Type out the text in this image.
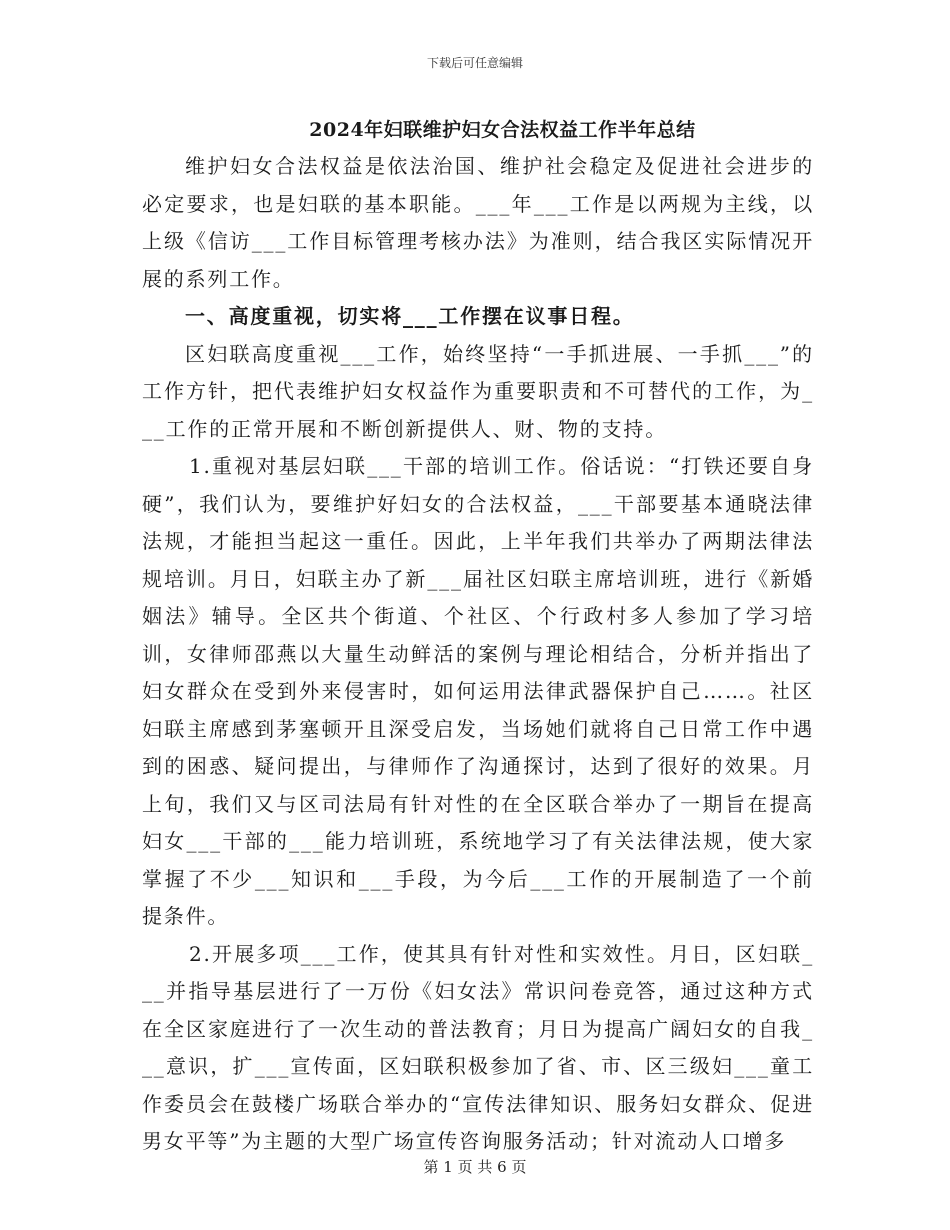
下载后可任意编辑
2024年妇联维护妇女合法权益工作半年总结

维护妇女合法权益是依法治国、维护社会稳定及促进社会进步的必定要求，也是妇联的基本职能。___年___工作是以两规为主线，以上级《信访___工作目标管理考核办法》为准则，结合我区实际情况开展的系列工作。

一、高度重视，切实将___工作摆在议事日程。

区妇联高度重视___工作，始终坚持“一手抓进展、一手抓___”的工作方针，把代表维护妇女权益作为重要职责和不可替代的工作，为___工作的正常开展和不断创新提供人、财、物的支持。

1.重视对基层妇联___干部的培训工作。俗话说：“打铁还要自身硬”，我们认为，要维护好妇女的合法权益，___干部要基本通晓法律法规，才能担当起这一重任。因此，上半年我们共举办了两期法律法规培训。月日，妇联主办了新___届社区妇联主席培训班，进行《新婚姻法》辅导。全区共个街道、个社区、个行政村多人参加了学习培训，女律师邵燕以大量生动鲜活的案例与理论相结合，分析并指出了妇女群众在受到外来侵害时，如何运用法律武器保护自己……。社区妇联主席感到茅塞顿开且深受启发，当场她们就将自己日常工作中遇到的困惑、疑问提出，与律师作了沟通探讨，达到了很好的效果。月上旬，我们又与区司法局有针对性的在全区联合举办了一期旨在提高妇女___干部的___能力培训班，系统地学习了有关法律法规，使大家掌握了不少___知识和___手段，为今后___工作的开展制造了一个前提条件。

2.开展多项___工作，使其具有针对性和实效性。月日，区妇联___并指导基层进行了一万份《妇女法》常识问卷竞答，通过这种方式在全区家庭进行了一次生动的普法教育；月日为提高广阔妇女的自我___意识，扩___宣传面，区妇联积极参加了省、市、区三级妇___童工作委员会在鼓楼广场联合举办的“宣传法律知识、服务妇女群众、促进男女平等”为主题的大型广场宣传咨询服务活动；针对流动人口增多

第 1 页 共 6 页
